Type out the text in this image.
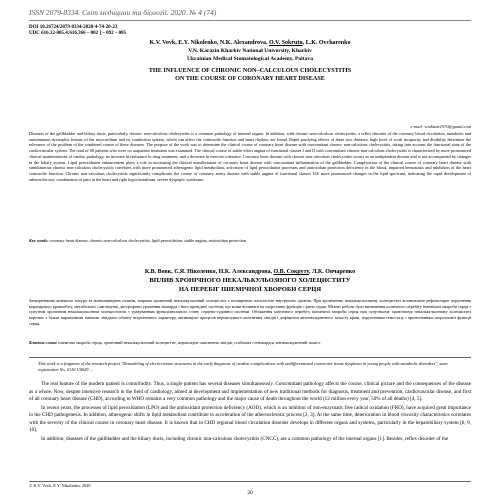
ISSN 2079-8334. Світ медицини та біології. 2020. № 4 (74)
DOI 10.26724/2079-8334-2020-4-74-20-23
UDC 616.12-005.4:616.366 – 002 ] – 092 – 085
K.V. Vovk, E.Y. Nikolenko, N.K. Alexandrova, O.V. Sokrutu, L.K. Ovcharenko
V.N. Karazin Kharkiv National University, Kharkiv
Ukrainian Medical Stomatological Academy, Poltava
THE INFLUENCE OF CHRONIC NON–CALCULOUS CHOLECYSTITIS
ON THE COURSE OF CORONARY HEART DISEASE
e-mail: vovkkate1970@gmail.com

Diseases of the gallbladder and biliary ducts, particularly, chronic non-calculous cholecystitis is a common pathology of internal organs. In addition, with chronic non-calculous cholecystitis, a reflex disorder of the coronary blood circulation, metabolic and autoimmune dystrophic lesions of the myocardium and its conduction system, which can affect the contractile function and heart rhythm, are found. Rapid purifying effects of these two diseases, high level of work incapacity and disability determine the relevance of the problem of the combined course of these diseases. The purpose of the work was to determine the clinical course of coronary heart disease with concomitant chronic non-calculous cholecystitis, taking into account the functional state of the cardiovascular system. The total of 68 patients who were on outpatient treatment was examined. The clinical course of stable effort angina of functional classes I and II with concomitant chronic non-calculous cholecystitis is characterized by more pronounced clinical manifestations of cardiac pathology, an increase in resistance to drug treatment, and a decrease in exercise tolerance. Coronary heart disease with chronic non-calculous cholecystitis occurs as an independent disease and is not accompanied by changes in the biliary system. Lipid peroxidation enhancement plays a role in increasing the clinical manifestation of coronary heart disease with concomitant inflammation of the gallbladder. Complication of the clinical course of coronary heart disease with simultaneous chronic non-calculous cholecystitis correlates with more pronounced atherogenic lipid metabolism, activation of lipid peroxidation processes and antioxidant protection deficiency in the blood, impaired hemostasis and inhibition of the heart contractile function. Chronic non-calculous cholecystitis significantly complicates the course of coronary artery disease with stable angina of functional classes I-II: more pronounced changes in the lipid spectrum, indicating the rapid development of atherosclerosis, combination of pain in the heart and right hypochondrium, severe dyspeptic syndrome.

Key words: coronary heart disease, chronic non-calculous cholecystitis, lipid peroxidation, stable angina, antioxidant protection

К.В. Вовк, Є.Я. Ніколенко, Н.К. Александрова, О.В. Сокруту, Л.К. Овчаренко
ВПЛИВ ХРОНІЧНОГО НЕКАЛЬКУЛЬОЗНОГО ХОЛЕЦИСТИТУ
НА ПЕРЕБІГ ІШЕМІЧНОЇ ХВОРОБИ СЕРЦЯ

Захворювання жовчного міхура та жовчовивідних шляхів, зокрема хронічний некалькульозний холецистит є поширеною патологією внутрішніх органів. При хронічному некалькульозному холециститі встановлено рефлекторне порушення коронарного кровообігу, метаболічні і автоімунні дистрофічні ураження міокарда і його провідної системи, що може впливати на скоротливу функцію і ритм серця. Метою роботи було визначення клінічного перебігу ішемічної хвороби серця з супутнім хронічним некалькульозним холециститом з урахуванням функціонального стану серцево-судинної системи. Обтяження клінічного перебігу ішемічної хвороби серця при супутньому хронічному некалькульозному холециститі корелює з більш вираженими змінами ліпідного обміну атерогенного характеру, активацією процесів пероксидного окиснення ліпідів і дефіцитом антиоксидантного захисту крові, порушенням гемостазу і пригніченням скоротливої функції серця.

Ключові слова: ішемічна хвороба серця, хронічний некалькульозний холецистит, пероксидне окиснення ліпідів, стабільна стенокардія, антиоксидантний захист.

This work is a fragment of the research project "Remodeling of electro-tissue structures in the early diagnosis of cardiac complications with undifferentiated connective tissue dysplasia in young people with metabolic disorders", state registration No. 0116 U0029 ...

The real feature of the modern patient is comorbidity. Thus, a single patient has several diseases simultaneously. Concomitant pathology affects the course, clinical picture and the consequences of the disease as a whole. Now, despite intensive research in the field of cardiology, aimed at development and implementation of new traditional methods for diagnosis, treatment and prevention, cardiovascular disease, and first of all coronary heart disease (CHD), according to WHO remains a very common pathology and the major cause of death throughout the world (12 million every year, 50% of all deaths) [4, 5].

In recent years, the processes of lipid peroxidation (LPO) and the antioxidant protection deficiency (AOD), which is an inhibitor of non-enzymatic free radical oxidation (FRO), have acquired great importance in the CHD pathogenesis. In addition, atherogenic shifts in lipid metabolism contribute to acceleration of the atherosclerotic process [2, 3]. At the same time, deterioration in blood viscosity characteristics correlates with the severity of the clinical course in coronary heart disease. It is known that in CHD regional blood circulation disorder develops in different organs and systems, particularly in the hepatobiliary system [6, 9, 10].

In addition, diseases of the gallbladder and the biliary ducts, including chronic non-calculous cholecystitis (CNCC), are a common pathology of the internal organs [1]. Besides, reflex disorder of the

© K.V. Vovk, E.Y. Nikolenko, 2020
20
